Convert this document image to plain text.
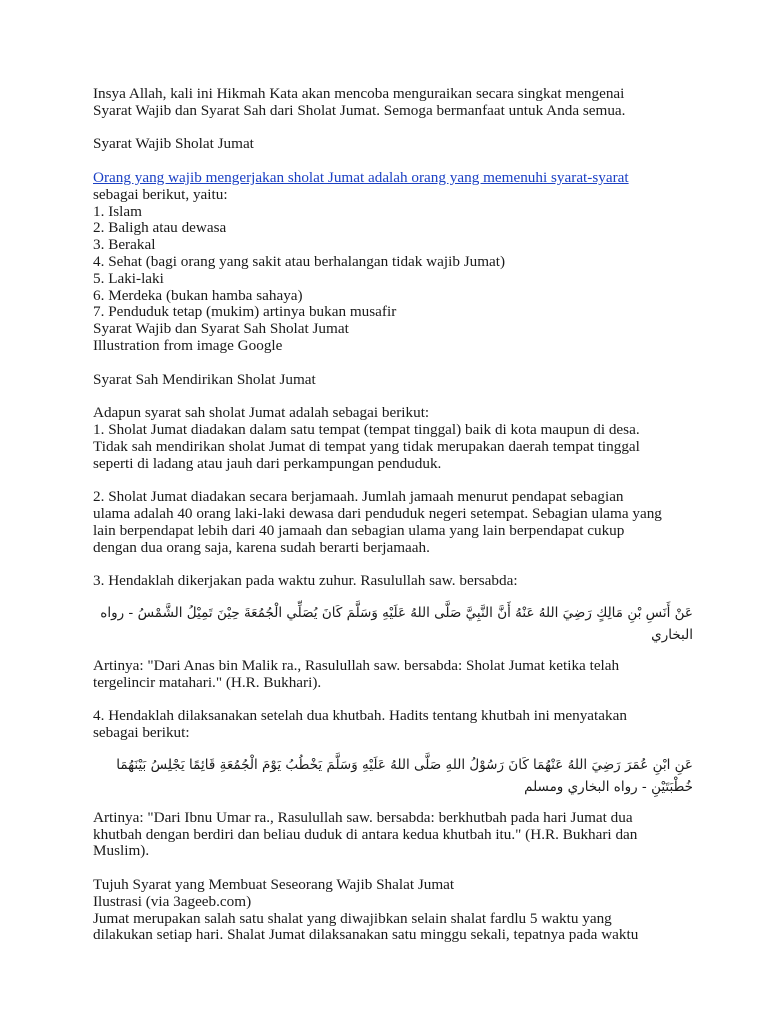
Insya Allah, kali ini Hikmah Kata akan mencoba menguraikan secara singkat mengenai

Syarat Wajib dan Syarat Sah dari Sholat Jumat. Semoga bermanfaat untuk Anda semua.

Syarat Wajib Sholat Jumat

Orang yang wajib mengerjakan sholat Jumat adalah orang yang memenuhi syarat-syarat

sebagai berikut, yaitu:

1. Islam

2. Baligh atau dewasa

3. Berakal

4. Sehat (bagi orang yang sakit atau berhalangan tidak wajib Jumat)

5. Laki-laki

6. Merdeka (bukan hamba sahaya)

7. Penduduk tetap (mukim) artinya bukan musafir

Syarat Wajib dan Syarat Sah Sholat Jumat

Illustration from image Google

Syarat Sah Mendirikan Sholat Jumat

Adapun syarat sah sholat Jumat adalah sebagai berikut:

1. Sholat Jumat diadakan dalam satu tempat (tempat tinggal) baik di kota maupun di desa.

Tidak sah mendirikan sholat Jumat di tempat yang tidak merupakan daerah tempat tinggal

seperti di ladang atau jauh dari perkampungan penduduk.

2. Sholat Jumat diadakan secara berjamaah. Jumlah jamaah menurut pendapat sebagian

ulama adalah 40 orang laki-laki dewasa dari penduduk negeri setempat. Sebagian ulama yang

lain berpendapat lebih dari 40 jamaah dan sebagian ulama yang lain berpendapat cukup

dengan dua orang saja, karena sudah berarti berjamaah.

3. Hendaklah dikerjakan pada waktu zuhur. Rasulullah saw. bersabda:

عَنْ أَنَسِ بْنِ مَالِكٍ رَضِيَ اللهُ عَنْهُ أَنَّ النَّبِيَّ صَلَّى اللهُ عَلَيْهِ وَسَلَّمَ كَانَ يُصَلِّي الْجُمُعَةَ حِيْنَ تَمِيْلُ الشَّمْسُ - رواه البخاري

Artinya: "Dari Anas bin Malik ra., Rasulullah saw. bersabda: Sholat Jumat ketika telah

tergelincir matahari." (H.R. Bukhari).

4. Hendaklah dilaksanakan setelah dua khutbah. Hadits tentang khutbah ini menyatakan

sebagai berikut:

عَنِ ابْنِ عُمَرَ رَضِيَ اللهُ عَنْهُمَا كَانَ رَسُوْلُ اللهِ صَلَّى اللهُ عَلَيْهِ وَسَلَّمَ يَخْطُبُ يَوْمَ الْجُمُعَةِ قَائِمًا يَجْلِسُ بَيْنَهُمَا خُطْبَتَيْنِ - رواه البخاري ومسلم

Artinya: "Dari Ibnu Umar ra., Rasulullah saw. bersabda: berkhutbah pada hari Jumat dua

khutbah dengan berdiri dan beliau duduk di antara kedua khutbah itu." (H.R. Bukhari dan

Muslim).

Tujuh Syarat yang Membuat Seseorang Wajib Shalat Jumat

Ilustrasi (via 3ageeb.com)

Jumat merupakan salah satu shalat yang diwajibkan selain shalat fardlu 5 waktu yang

dilakukan setiap hari. Shalat Jumat dilaksanakan satu minggu sekali, tepatnya pada waktu
